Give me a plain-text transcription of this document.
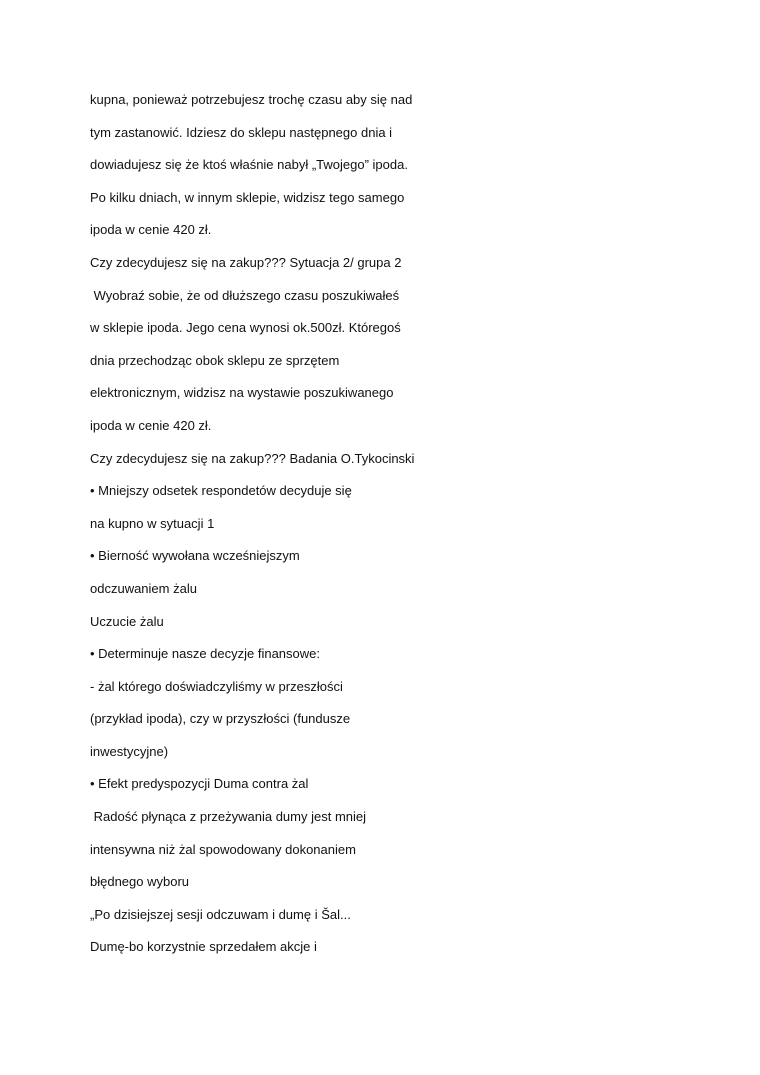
kupna, ponieważ potrzebujesz trochę czasu aby się nad

tym zastanowić. Idziesz do sklepu następnego dnia i

dowiadujesz się że ktoś właśnie nabył „Twojego” ipoda.

Po kilku dniach, w innym sklepie, widzisz tego samego

ipoda w cenie 420 zł.

Czy zdecydujesz się na zakup??? Sytuacja 2/ grupa 2

Wyobraź sobie, że od dłuższego czasu poszukiwałeś

w sklepie ipoda. Jego cena wynosi ok.500zł. Któregoś

dnia przechodząc obok sklepu ze sprzętem

elektronicznym, widzisz na wystawie poszukiwanego

ipoda w cenie 420 zł.

Czy zdecydujesz się na zakup??? Badania O.Tykocinski

• Mniejszy odsetek respondetów decyduje się

na kupno w sytuacji 1

• Bierność wywołana wcześniejszym

odczuwaniem żalu

Uczucie żalu

• Determinuje nasze decyzje finansowe:

- żal którego doświadczyliśmy w przeszłości

(przykład ipoda), czy w przyszłości (fundusze

inwestycyjne)

• Efekt predyspozycji Duma contra żal

Radość płynąca z przeżywania dumy jest mniej

intensywna niż żal spowodowany dokonaniem

błędnego wyboru

„Po dzisiejszej sesji odczuwam i dumę i Šal...

Dumę-bo korzystnie sprzedałem akcje i
